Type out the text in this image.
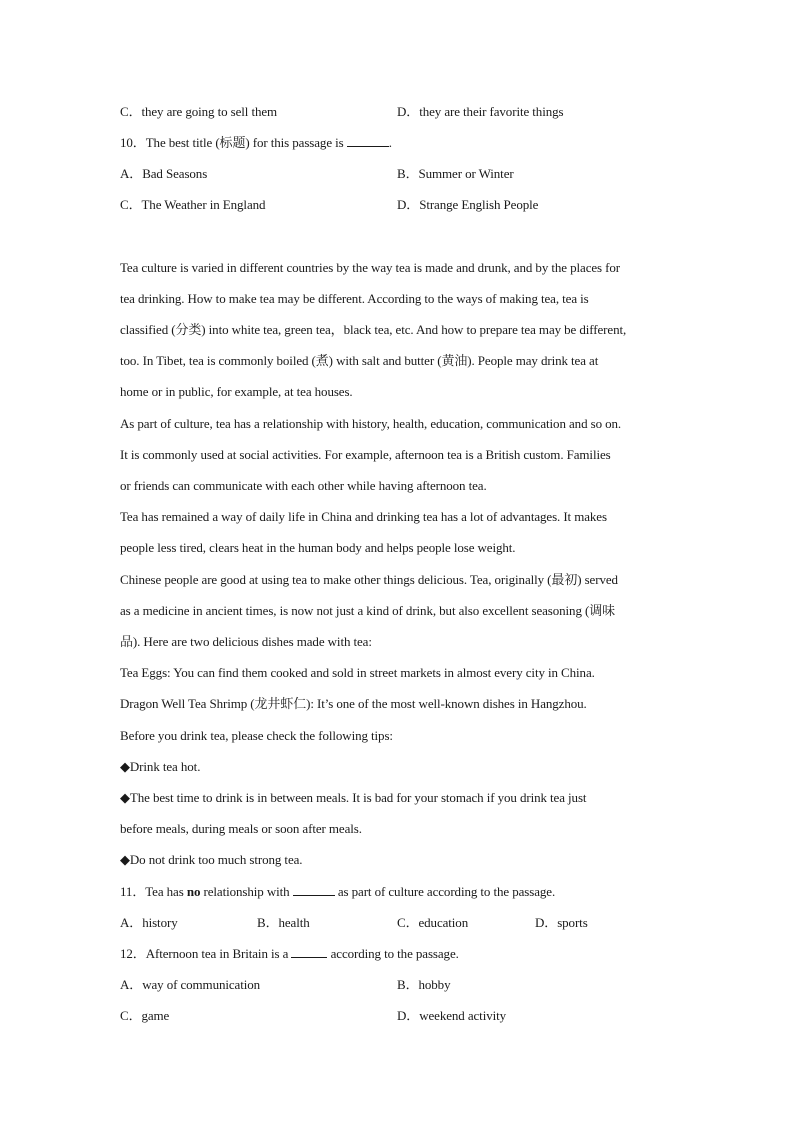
C．they are going to sell them	D．they are their favorite things
10．The best title (标题) for this passage is	.
A．Bad Seasons	B．Summer or Winter
C．The Weather in England	D．Strange English People
Tea culture is varied in different countries by the way tea is made and drunk, and by the places for
tea drinking. How to make tea may be different. According to the ways of making tea, tea is
classified (分类) into white tea, green tea，black tea, etc. And how to prepare tea may be different,
too. In Tibet, tea is commonly boiled (煮) with salt and butter (黄油). People may drink tea at
home or in public, for example, at tea houses.
As part of culture, tea has a relationship with history, health, education, communication and so on.
It is commonly used at social activities. For example, afternoon tea is a British custom. Families
or friends can communicate with each other while having afternoon tea.
Tea has remained a way of daily life in China and drinking tea has a lot of advantages. It makes
people less tired, clears heat in the human body and helps people lose weight.
Chinese people are good at using tea to make other things delicious. Tea, originally (最初) served
as a medicine in ancient times, is now not just a kind of drink, but also excellent seasoning (调味
品). Here are two delicious dishes made with tea:
Tea Eggs: You can find them cooked and sold in street markets in almost every city in China.
Dragon Well Tea Shrimp (龙井虾仁): It’s one of the most well-known dishes in Hangzhou.
Before you drink tea, please check the following tips:
◆Drink tea hot.
◆The best time to drink is in between meals. It is bad for your stomach if you drink tea just
before meals, during meals or soon after meals.
◆Do not drink too much strong tea.
11．Tea has no relationship with	as part of culture according to the passage.
A．history	B．health	C．education	D．sports
12．Afternoon tea in Britain is a	according to the passage.
A．way of communication	B．hobby
C．game	D．weekend activity
